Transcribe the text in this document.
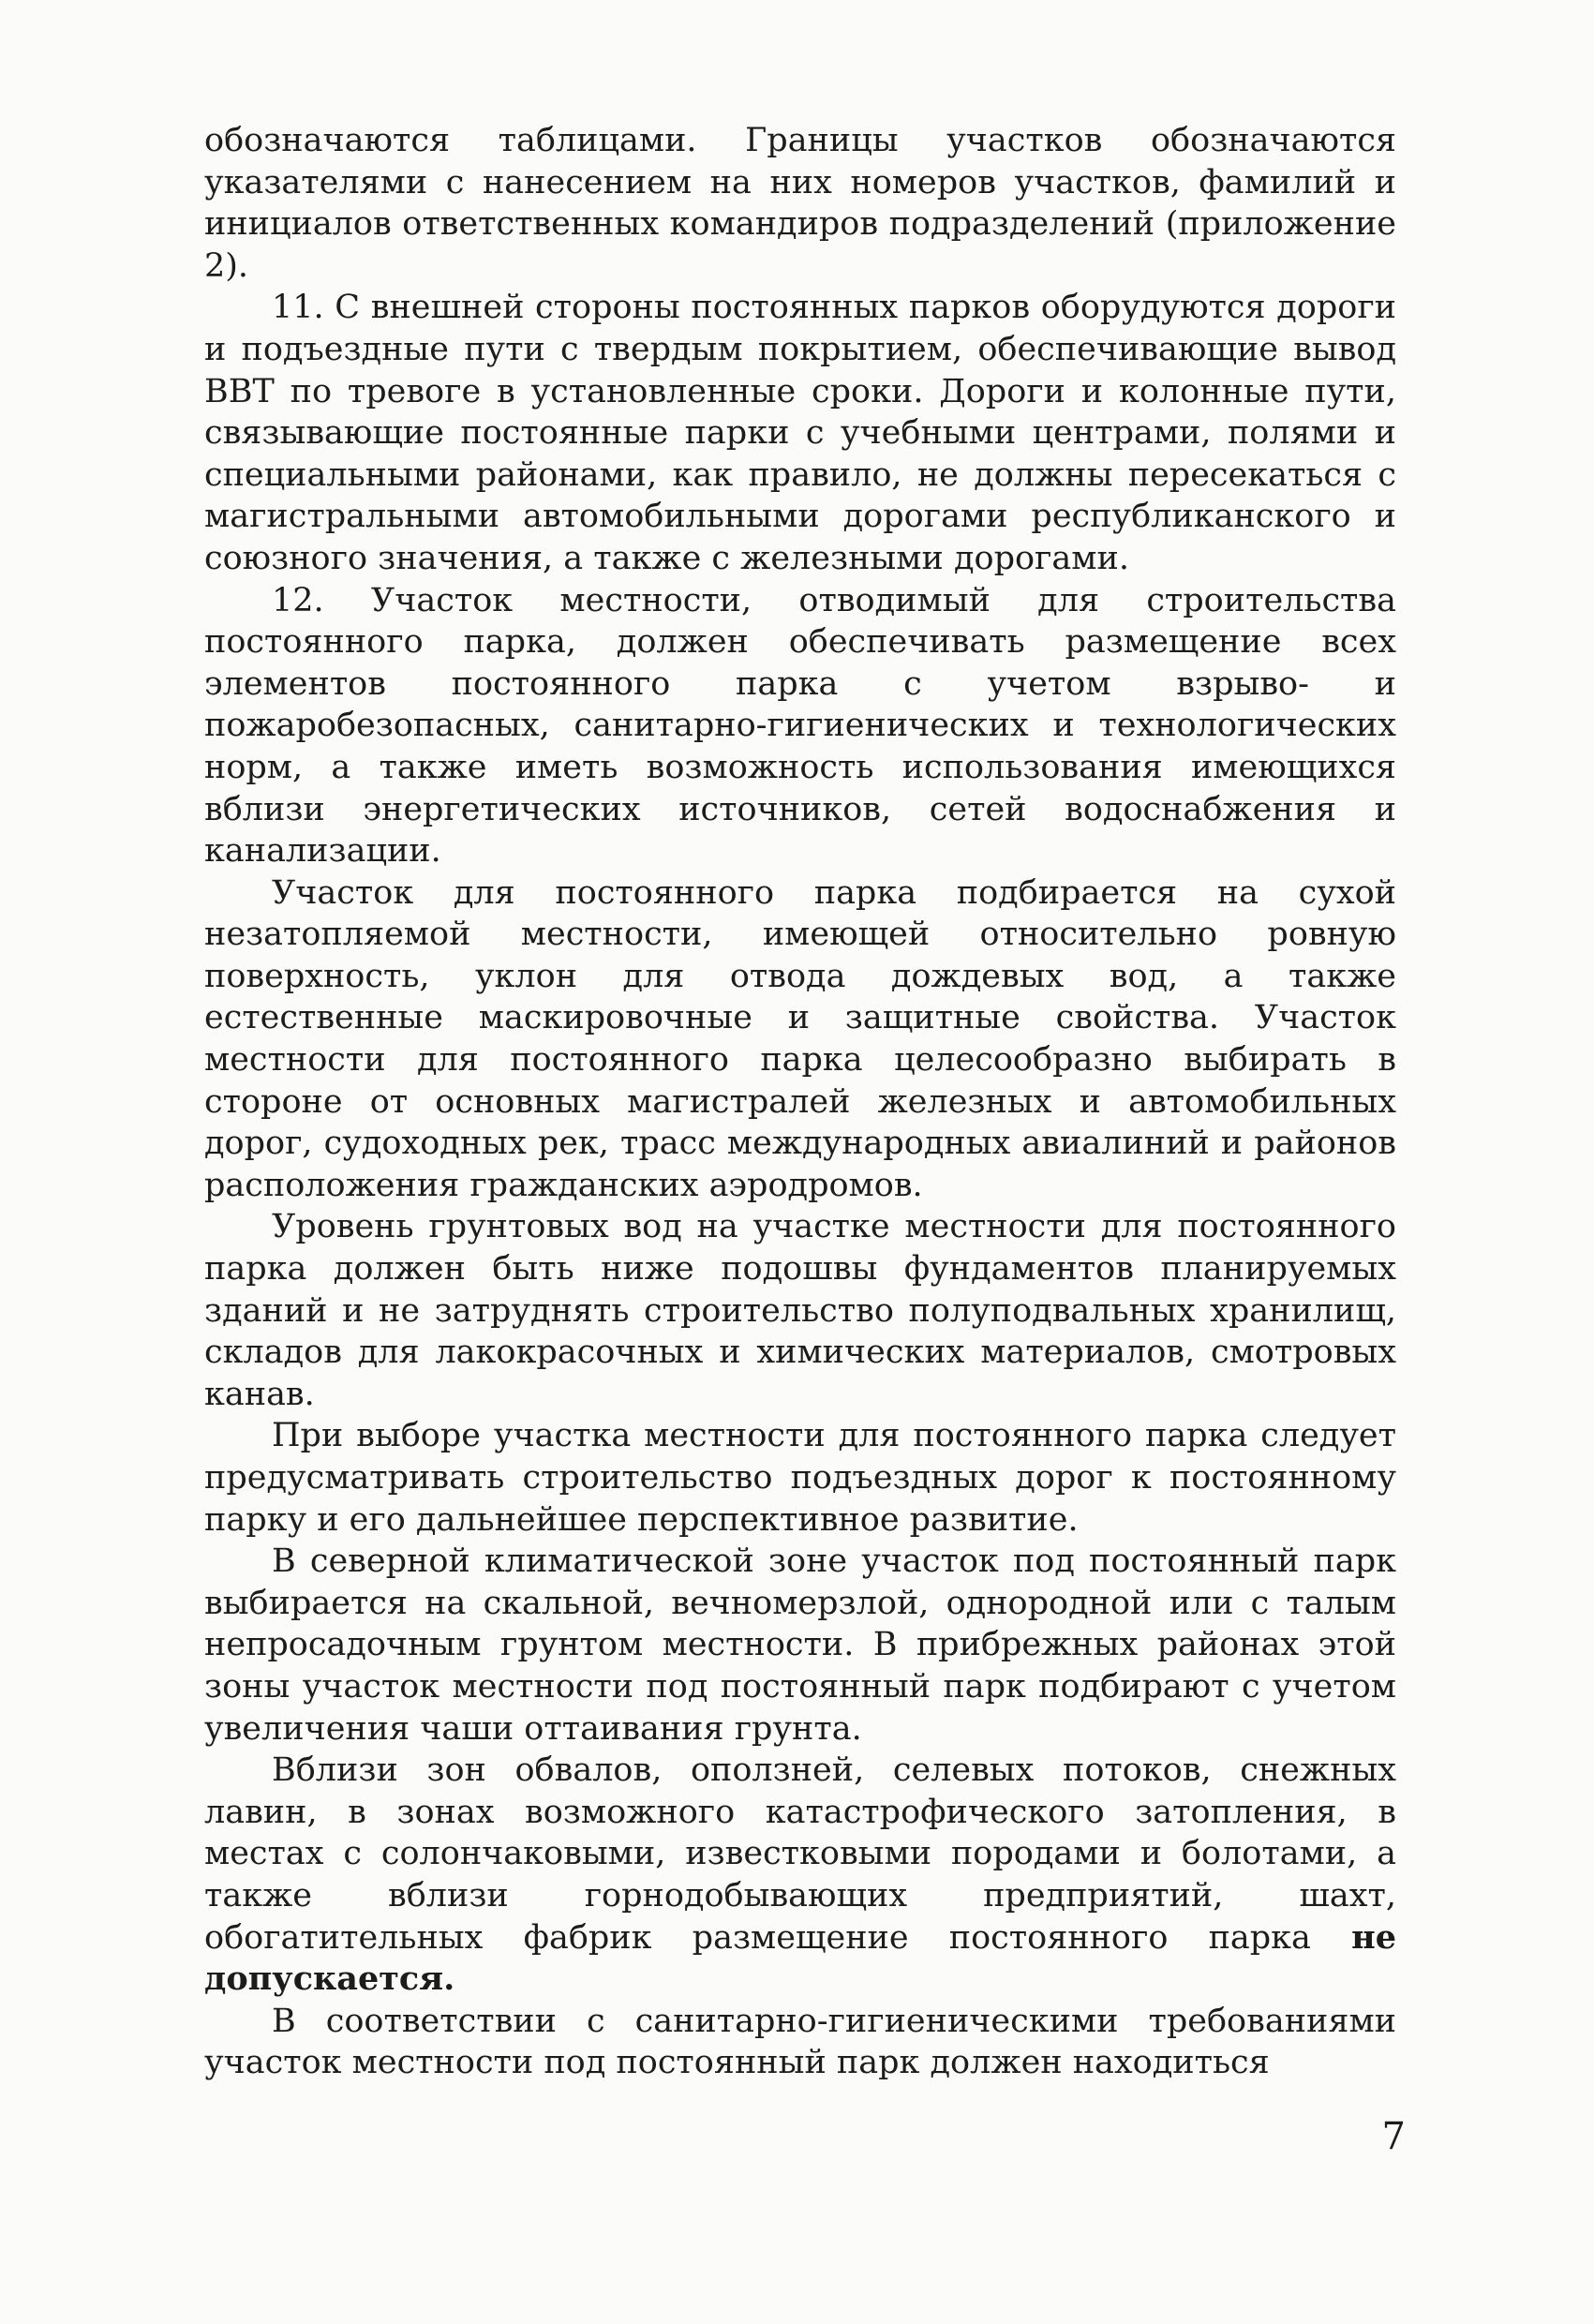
обозначаются таблицами. Границы участков обозначаются указателями с нанесением на них номеров участков, фамилий и инициалов ответственных командиров подразделений (приложение 2).

11. С внешней стороны постоянных парков оборудуются дороги и подъездные пути с твердым покрытием, обеспечивающие вывод ВВТ по тревоге в установленные сроки. Дороги и колонные пути, связывающие постоянные парки с учебными центрами, полями и специальными районами, как правило, не должны пересекаться с магистральными автомобильными дорогами республиканского и союзного значения, а также с железными дорогами.

12. Участок местности, отводимый для строительства постоянного парка, должен обеспечивать размещение всех элементов постоянного парка с учетом взрыво- и пожаробезопасных, санитарно-гигиенических и технологических норм, а также иметь возможность использования имеющихся вблизи энергетических источников, сетей водоснабжения и канализации.

Участок для постоянного парка подбирается на сухой незатопляемой местности, имеющей относительно ровную поверхность, уклон для отвода дождевых вод, а также естественные маскировочные и защитные свойства. Участок местности для постоянного парка целесообразно выбирать в стороне от основных магистралей железных и автомобильных дорог, судоходных рек, трасс международных авиалиний и районов расположения гражданских аэродромов.

Уровень грунтовых вод на участке местности для постоянного парка должен быть ниже подошвы фундаментов планируемых зданий и не затруднять строительство полуподвальных хранилищ, складов для лакокрасочных и химических материалов, смотровых канав.

При выборе участка местности для постоянного парка следует предусматривать строительство подъездных дорог к постоянному парку и его дальнейшее перспективное развитие.

В северной климатической зоне участок под постоянный парк выбирается на скальной, вечномерзлой, однородной или с талым непросадочным грунтом местности. В прибрежных районах этой зоны участок местности под постоянный парк подбирают с учетом увеличения чаши оттаивания грунта.

Вблизи зон обвалов, оползней, селевых потоков, снежных лавин, в зонах возможного катастрофического затопления, в местах с солончаковыми, известковыми породами и болотами, а также вблизи горнодобывающих предприятий, шахт, обогатительных фабрик размещение постоянного парка не допускается.

В соответствии с санитарно-гигиеническими требованиями участок местности под постоянный парк должен находиться

7
